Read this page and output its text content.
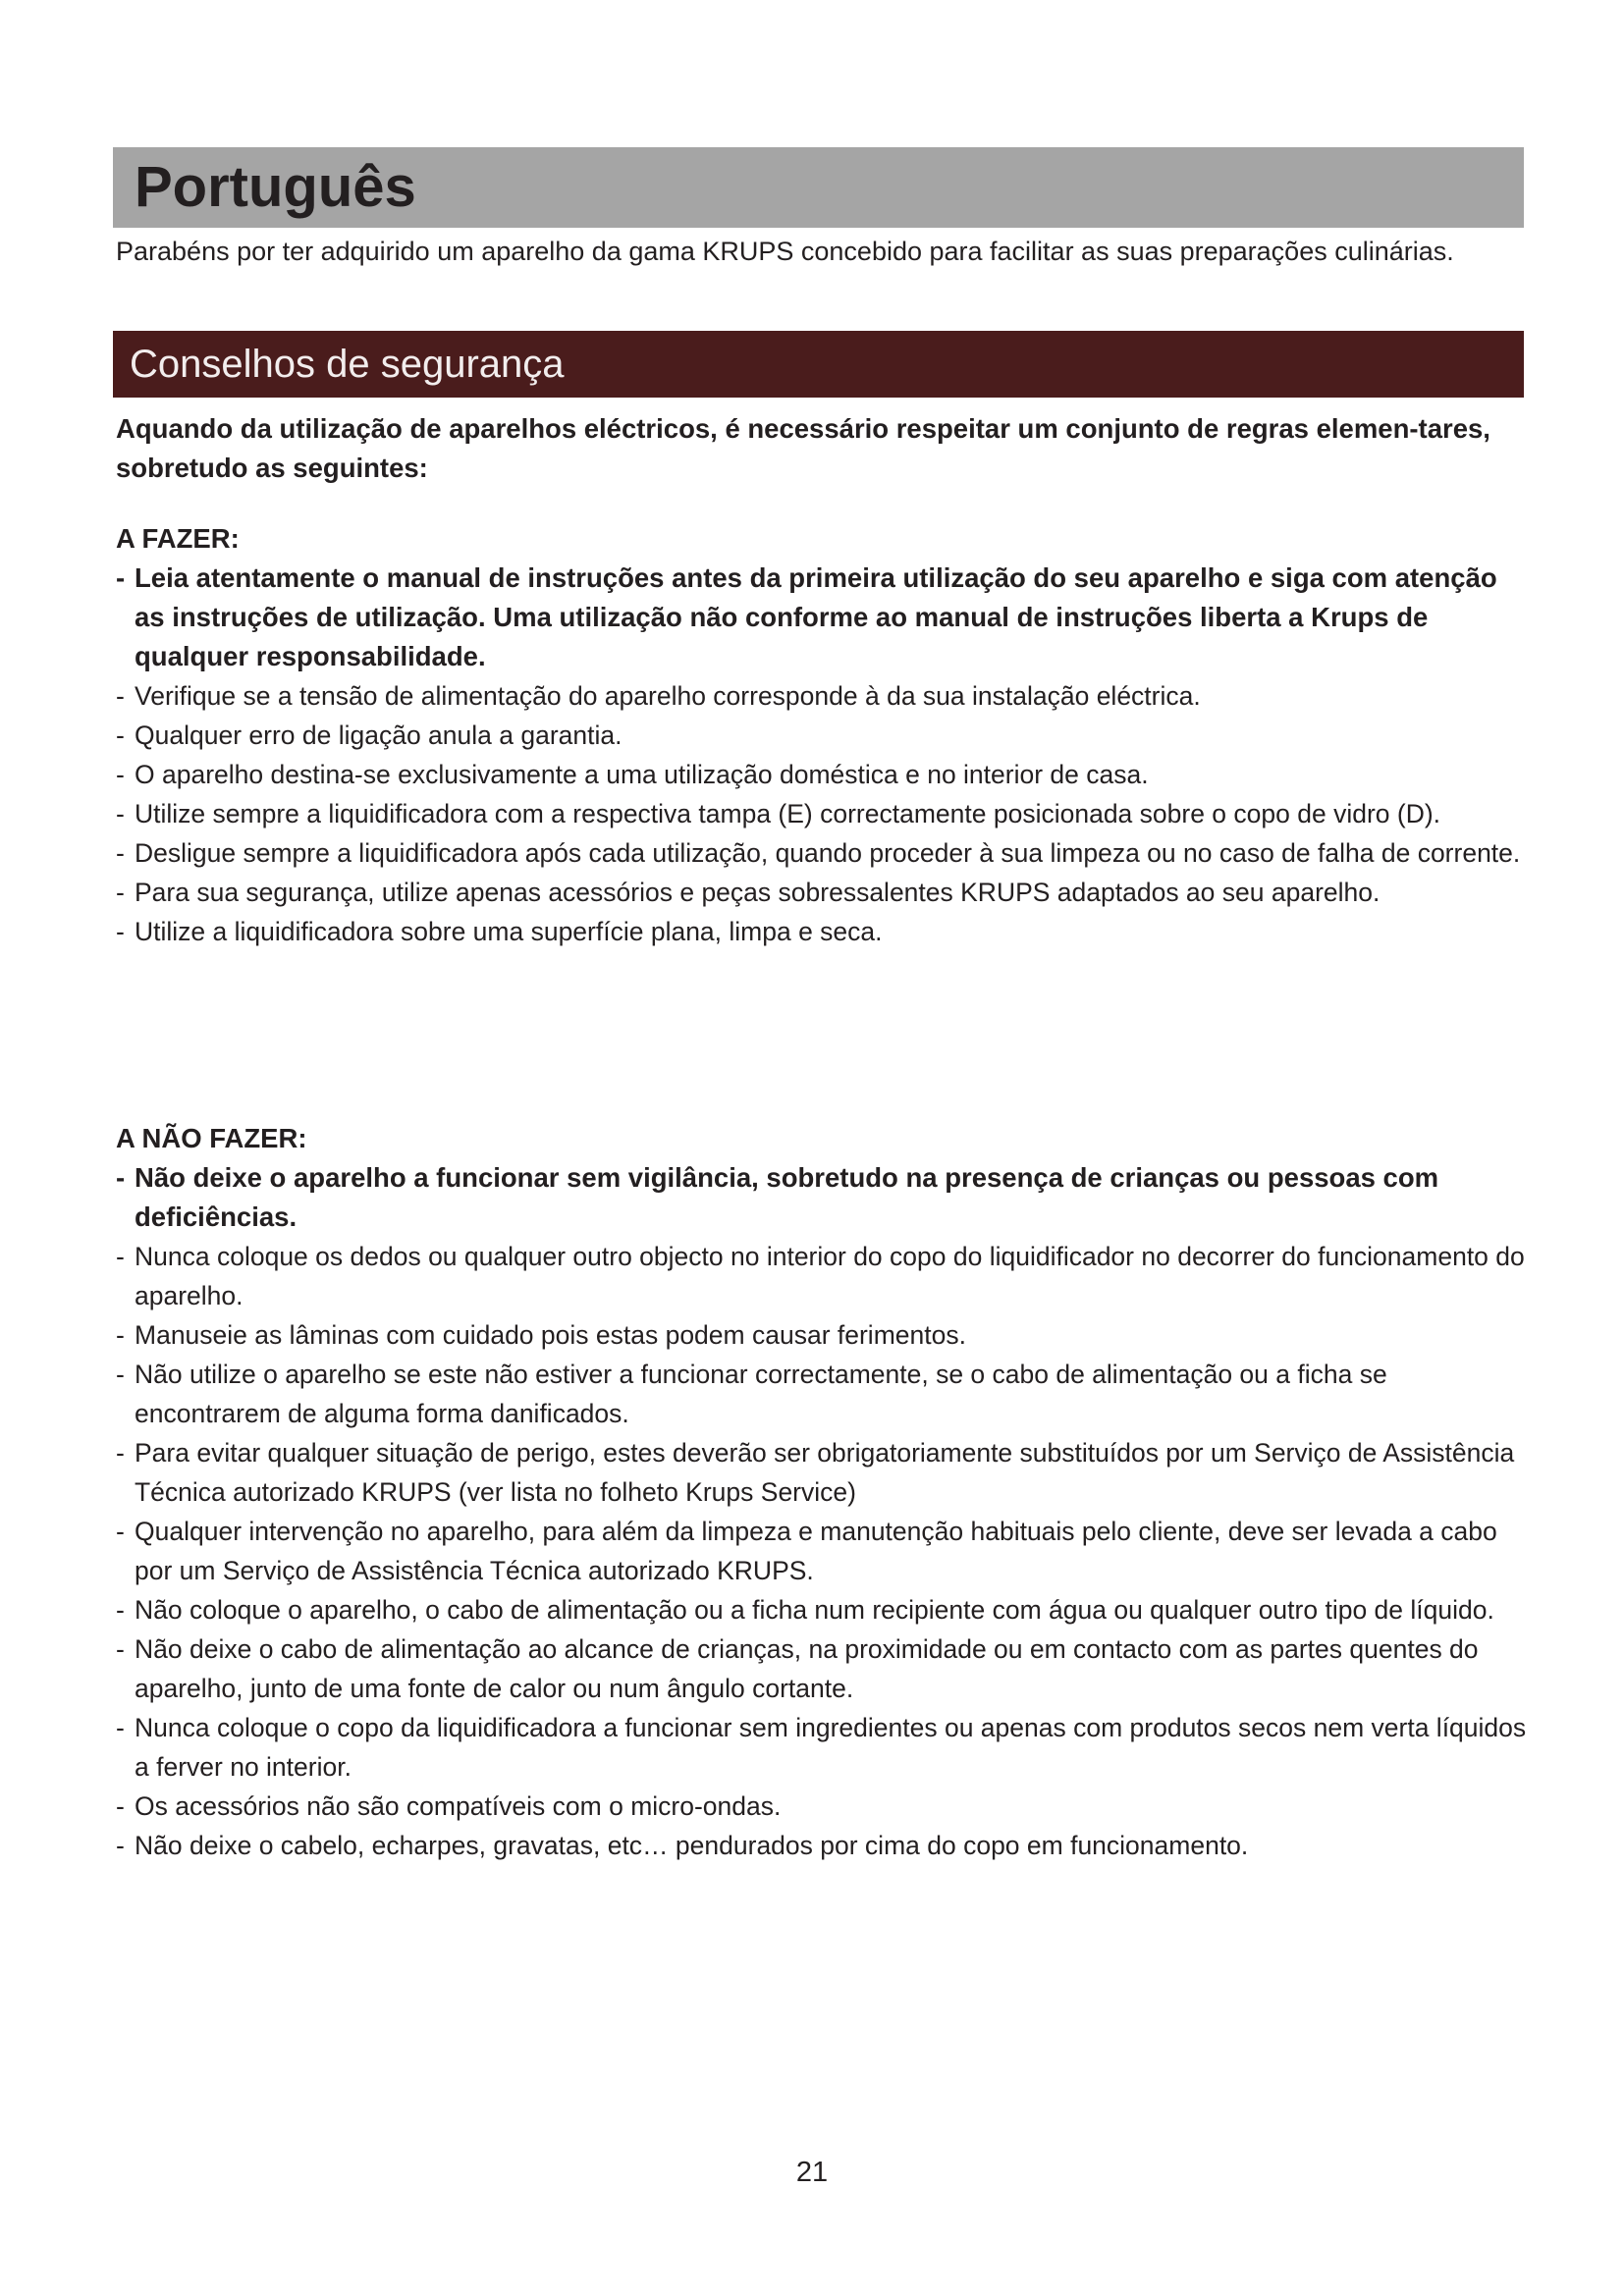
Português

Parabéns por ter adquirido um aparelho da gama KRUPS concebido para facilitar as suas preparações culinárias.

Conselhos de segurança

Aquando da utilização de aparelhos eléctricos, é necessário respeitar um conjunto de regras elemen-tares, sobretudo as seguintes:

A FAZER:
- Leia atentamente o manual de instruções antes da primeira utilização do seu aparelho e siga com atenção as instruções de utilização. Uma utilização não conforme ao manual de instruções liberta a Krups de qualquer responsabilidade.
- Verifique se a tensão de alimentação do aparelho corresponde à da sua instalação eléctrica.
- Qualquer erro de ligação anula a garantia.
- O aparelho destina-se exclusivamente a uma utilização doméstica e no interior de casa.
- Utilize sempre a liquidificadora com a respectiva tampa (E) correctamente posicionada sobre o copo de vidro (D).
- Desligue sempre a liquidificadora após cada utilização, quando proceder à sua limpeza ou no caso de falha de corrente.
- Para sua segurança, utilize apenas acessórios e peças sobressalentes KRUPS adaptados ao seu aparelho.
- Utilize a liquidificadora sobre uma superfície plana, limpa e seca.
A NÃO FAZER:
- Não deixe o aparelho a funcionar sem vigilância, sobretudo na presença de crianças ou pessoas com deficiências.
- Nunca coloque os dedos ou qualquer outro objecto no interior do copo do liquidificador no decorrer do funcionamento do aparelho.
- Manuseie as lâminas com cuidado pois estas podem causar ferimentos.
- Não utilize o aparelho se este não estiver a funcionar correctamente, se o cabo de alimentação ou a ficha se encontrarem de alguma forma danificados.
- Para evitar qualquer situação de perigo, estes deverão ser obrigatoriamente substituídos por um Serviço de Assistência Técnica autorizado KRUPS (ver lista no folheto Krups Service)
- Qualquer intervenção no aparelho, para além da limpeza e manutenção habituais pelo cliente, deve ser levada a cabo por um Serviço de Assistência Técnica autorizado KRUPS.
- Não coloque o aparelho, o cabo de alimentação ou a ficha num recipiente com água ou qualquer outro tipo de líquido.
- Não deixe o cabo de alimentação ao alcance de crianças, na proximidade ou em contacto com as partes quentes do aparelho, junto de uma fonte de calor ou num ângulo cortante.
- Nunca coloque o copo da liquidificadora a funcionar sem ingredientes ou apenas com produtos secos nem verta líquidos a ferver no interior.
- Os acessórios não são compatíveis com o micro-ondas.
- Não deixe o cabelo, echarpes, gravatas, etc… pendurados por cima do copo em funcionamento.
21
